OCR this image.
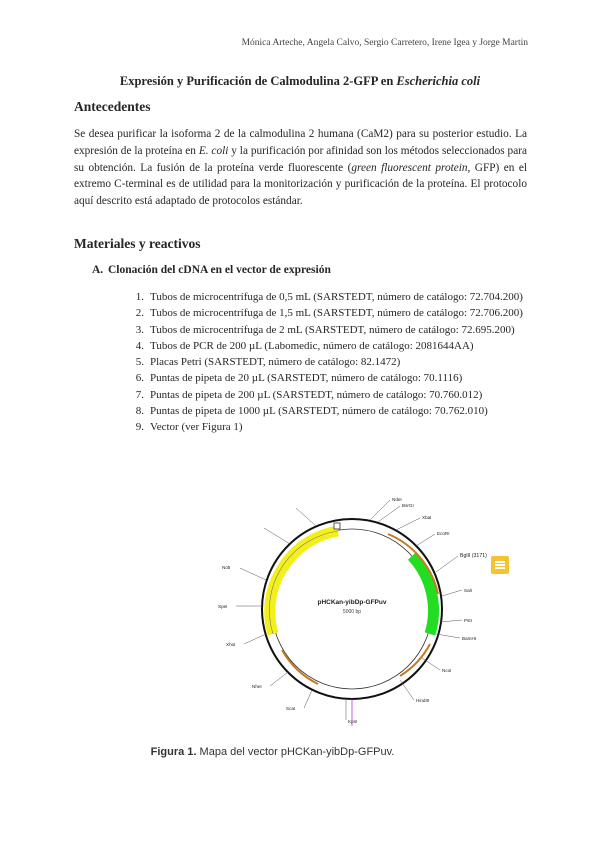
Mónica Arteche, Angela Calvo, Sergio Carretero, Irene Igea y Jorge Martin
Expresión y Purificación de Calmodulina 2-GFP en Escherichia coli
Antecedentes
Se desea purificar la isoforma 2 de la calmodulina 2 humana (CaM2) para su posterior estudio. La expresión de la proteína en E. coli y la purificación por afinidad son los métodos seleccionados para su obtención. La fusión de la proteína verde fluorescente (green fluorescent protein, GFP) en el extremo C-terminal es de utilidad para la monitorización y purificación de la proteína. El protocolo aquí descrito está adaptado de protocolos estándar.
Materiales y reactivos
A. Clonación del cDNA en el vector de expresión
1. Tubos de microcentrífuga de 0,5 mL (SARSTEDT, número de catálogo: 72.704.200)
2. Tubos de microcentrífuga de 1,5 mL (SARSTEDT, número de catálogo: 72.706.200)
3. Tubos de microcentrífuga de 2 mL (SARSTEDT, número de catálogo: 72.695.200)
4. Tubos de PCR de 200 µL (Labomedic, número de catálogo: 2081644AA)
5. Placas Petri (SARSTEDT, número de catálogo: 82.1472)
6. Puntas de pipeta de 20 µL (SARSTEDT, número de catálogo: 70.1116)
7. Puntas de pipeta de 200 µL (SARSTEDT, número de catálogo: 70.760.012)
8. Puntas de pipeta de 1000 µL (SARSTEDT, número de catálogo: 70.762.010)
9. Vector (ver Figura 1)
pHCKan-yibDp-GFPuv
5000 bp
NdeI
BsrGI
XbaI
EcoRI
BglII (3171)
SalI
PstI
BamHI
NcoI
HindIII
KpnI
ScaI
NheI
XhoI
SpeI
NotI
Figura 1. Mapa del vector pHCKan-yibDp-GFPuv.
